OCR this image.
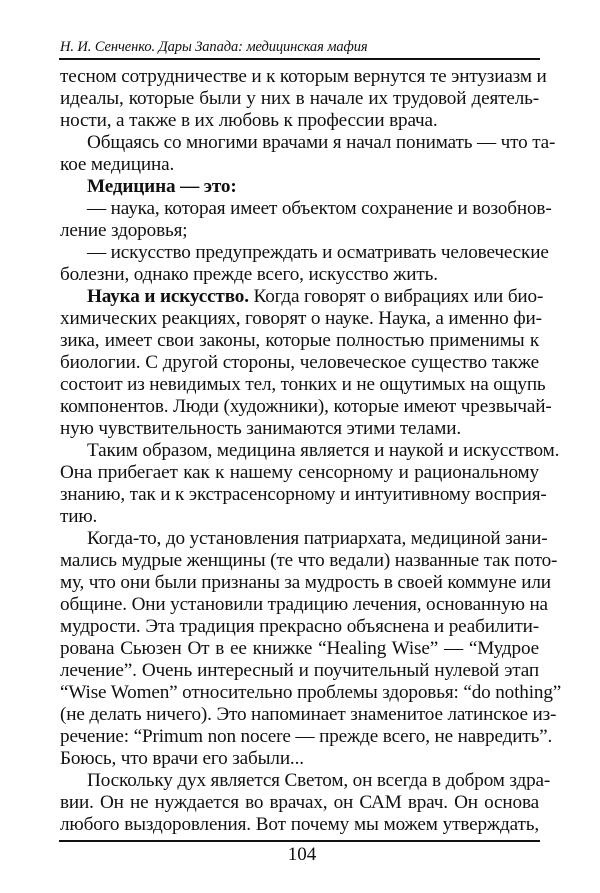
Н. И. Сенченко. Дары Запада: медицинская мафия
тесном сотрудничестве и к которым вернутся те энтузиазм и
идеалы, которые были у них в начале их трудовой деятель-
ности, а также в их любовь к профессии врача.
Общаясь со многими врачами я начал понимать — что та-
кое медицина.
Медицина — это:
— наука, которая имеет объектом сохранение и возобнов-
ление здоровья;
— искусство предупреждать и осматривать человеческие
болезни, однако прежде всего, искусство жить.
Наука и искусство. Когда говорят о вибрациях или био-
химических реакциях, говорят о науке. Наука, а именно фи-
зика, имеет свои законы, которые полностью применимы к
биологии. С другой стороны, человеческое существо также
состоит из невидимых тел, тонких и не ощутимых на ощупь
компонентов. Люди (художники), которые имеют чрезвычай-
ную чувствительность занимаются этими телами.
Таким образом, медицина является и наукой и искусством.
Она прибегает как к нашему сенсорному и рациональному
знанию, так и к экстрасенсорному и интуитивному восприя-
тию.
Когда-то, до установления патриархата, медициной зани-
мались мудрые женщины (те что ведали) названные так пото-
му, что они были признаны за мудрость в своей коммуне или
общине. Они установили традицию лечения, основанную на
мудрости. Эта традиция прекрасно объяснена и реабилити-
рована Сьюзен От в ее книжке “Healing Wise” — “Мудрое
лечение”. Очень интересный и поучительный нулевой этап
“Wise Women” относительно проблемы здоровья: “do nothing”
(не делать ничего). Это напоминает знаменитое латинское из-
речение: “Primum non nocere — прежде всего, не навредить”.
Боюсь, что врачи его забыли...
Поскольку дух является Светом, он всегда в добром здра-
вии. Он не нуждается во врачах, он САМ врач. Он основа
любого выздоровления. Вот почему мы можем утверждать,
104
